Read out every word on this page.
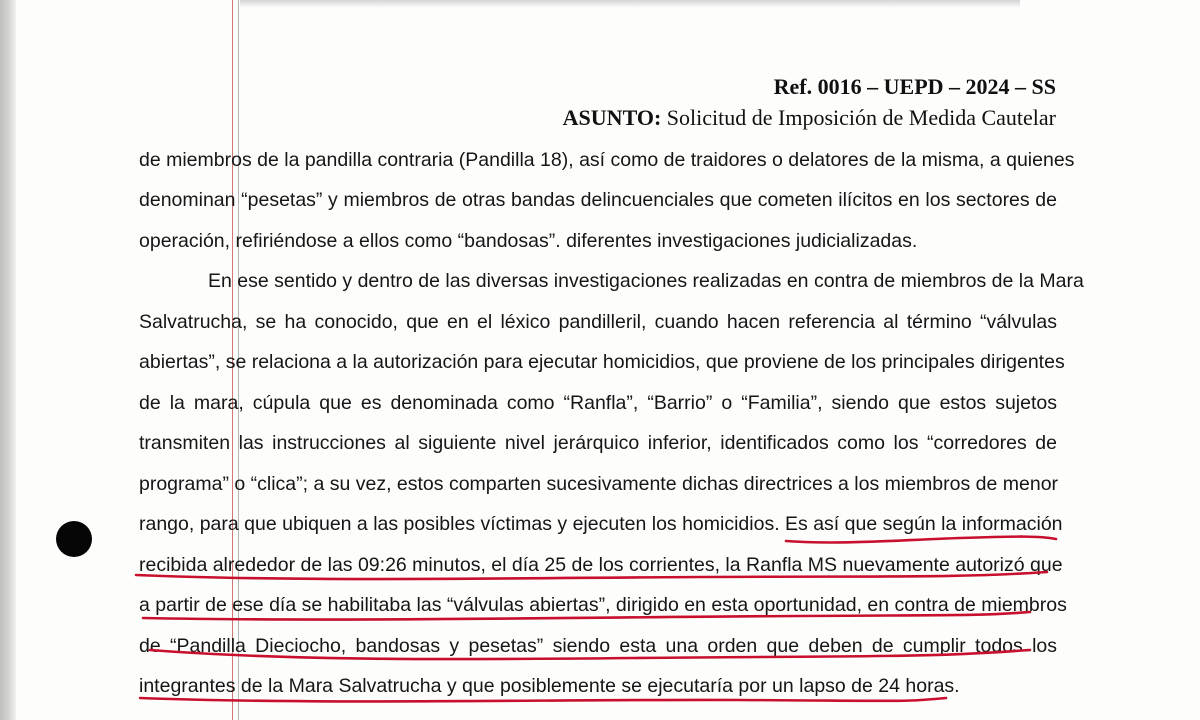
Ref. 0016 – UEPD – 2024 – SS

ASUNTO: Solicitud de Imposición de Medida Cautelar

de miembros de la pandilla contraria (Pandilla 18), así como de traidores o delatores de la misma, a quienes

denominan “pesetas” y miembros de otras bandas delincuenciales que cometen ilícitos en los sectores de

operación, refiriéndose a ellos como “bandosas”. diferentes investigaciones judicializadas.

En ese sentido y dentro de las diversas investigaciones realizadas en contra de miembros de la Mara

Salvatrucha, se ha conocido, que en el léxico pandilleril, cuando hacen referencia al término “válvulas

abiertas”, se relaciona a la autorización para ejecutar homicidios, que proviene de los principales dirigentes

de la mara, cúpula que es denominada como “Ranfla”, “Barrio” o “Familia”, siendo que estos sujetos

transmiten las instrucciones al siguiente nivel jerárquico inferior, identificados como los “corredores de

programa” o “clica”; a su vez, estos comparten sucesivamente dichas directrices a los miembros de menor

rango, para que ubiquen a las posibles víctimas y ejecuten los homicidios. Es así que según la información

recibida alrededor de las 09:26 minutos, el día 25 de los corrientes, la Ranfla MS nuevamente autorizó que

a partir de ese día se habilitaba las “válvulas abiertas”, dirigido en esta oportunidad, en contra de miembros

de “Pandilla Dieciocho, bandosas y pesetas” siendo esta una orden que deben de cumplir todos los

integrantes de la Mara Salvatrucha y que posiblemente se ejecutaría por un lapso de 24 horas.
